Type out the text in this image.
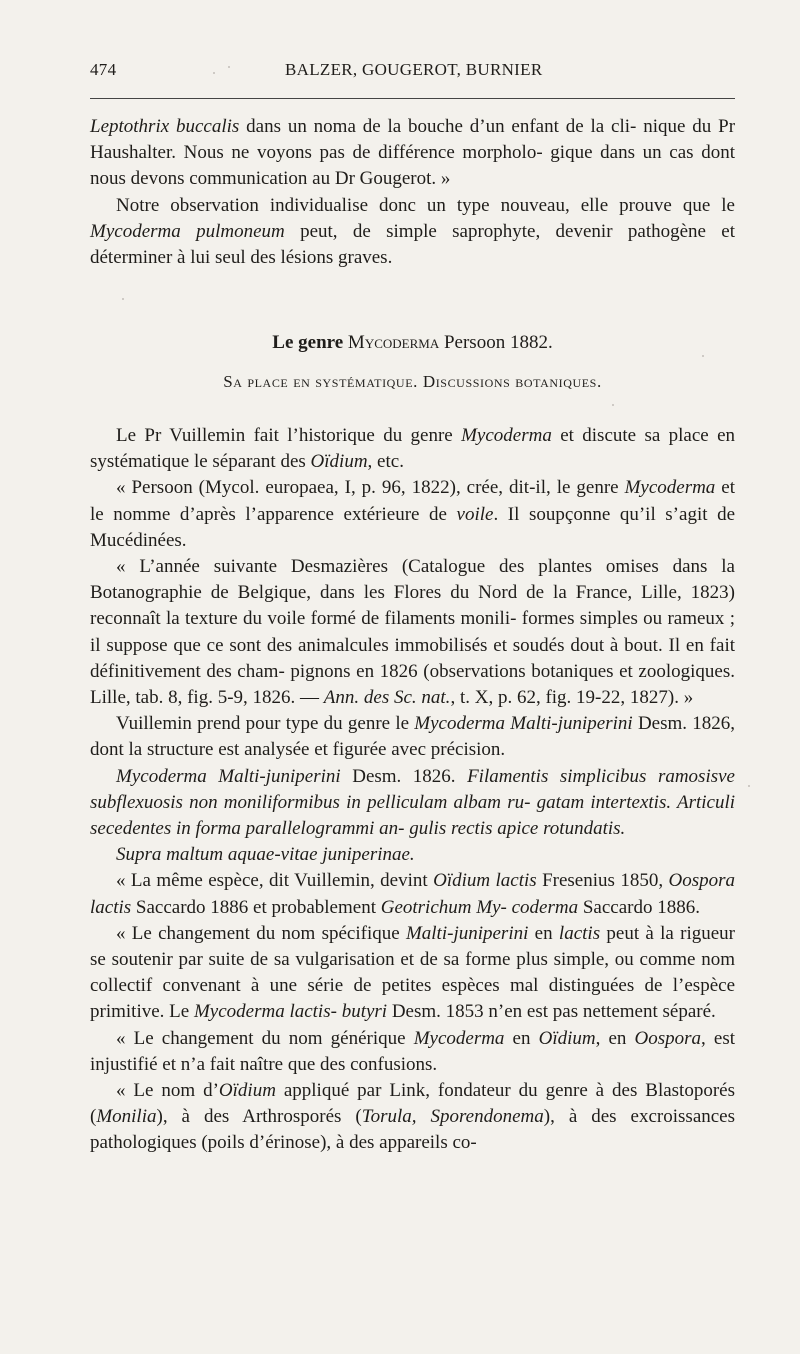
474	BALZER, GOUGEROT, BURNIER

Leptothrix buccalis dans un noma de la bouche d’un enfant de la cli- nique du Pr Haushalter. Nous ne voyons pas de différence morpholo- gique dans un cas dont nous devons communication au Dr Gougerot. »

Notre observation individualise donc un type nouveau, elle prouve que le Mycoderma pulmoneum peut, de simple saprophyte, devenir pathogène et déterminer à lui seul des lésions graves.

Le genre Mycoderma Persoon 1882.
Sa place en systématique. Discussions botaniques.

Le Pr Vuillemin fait l’historique du genre Mycoderma et discute sa place en systématique le séparant des Oïdium, etc.

« Persoon (Mycol. europaea, I, p. 96, 1822), crée, dit-il, le genre Mycoderma et le nomme d’après l’apparence extérieure de voile. Il soupçonne qu’il s’agit de Mucédinées.

« L’année suivante Desmazières (Catalogue des plantes omises dans la Botanographie de Belgique, dans les Flores du Nord de la France, Lille, 1823) reconnaît la texture du voile formé de filaments monili- formes simples ou rameux ; il suppose que ce sont des animalcules immobilisés et soudés dout à bout. Il en fait définitivement des cham- pignons en 1826 (observations botaniques et zoologiques. Lille, tab. 8, fig. 5-9, 1826. — Ann. des Sc. nat., t. X, p. 62, fig. 19-22, 1827). »

Vuillemin prend pour type du genre le Mycoderma Malti-juniperini Desm. 1826, dont la structure est analysée et figurée avec précision.

Mycoderma Malti-juniperini Desm. 1826. Filamentis simplicibus ramosisve subflexuosis non moniliformibus in pelliculam albam ru- gatam intertextis. Articuli secedentes in forma parallelogrammi an- gulis rectis apice rotundatis.

Supra maltum aquae-vitae juniperinae.

« La même espèce, dit Vuillemin, devint Oïdium lactis Fresenius 1850, Oospora lactis Saccardo 1886 et probablement Geotrichum My- coderma Saccardo 1886.

« Le changement du nom spécifique Malti-juniperini en lactis peut à la rigueur se soutenir par suite de sa vulgarisation et de sa forme plus simple, ou comme nom collectif convenant à une série de petites espèces mal distinguées de l’espèce primitive. Le Mycoderma lactis- butyri Desm. 1853 n’en est pas nettement séparé.

« Le changement du nom générique Mycoderma en Oïdium, en Oospora, est injustifié et n’a fait naître que des confusions.

« Le nom d’Oïdium appliqué par Link, fondateur du genre à des Blastoporés (Monilia), à des Arthrosporés (Torula, Sporendonema), à des excroissances pathologiques (poils d’érinose), à des appareils co-
